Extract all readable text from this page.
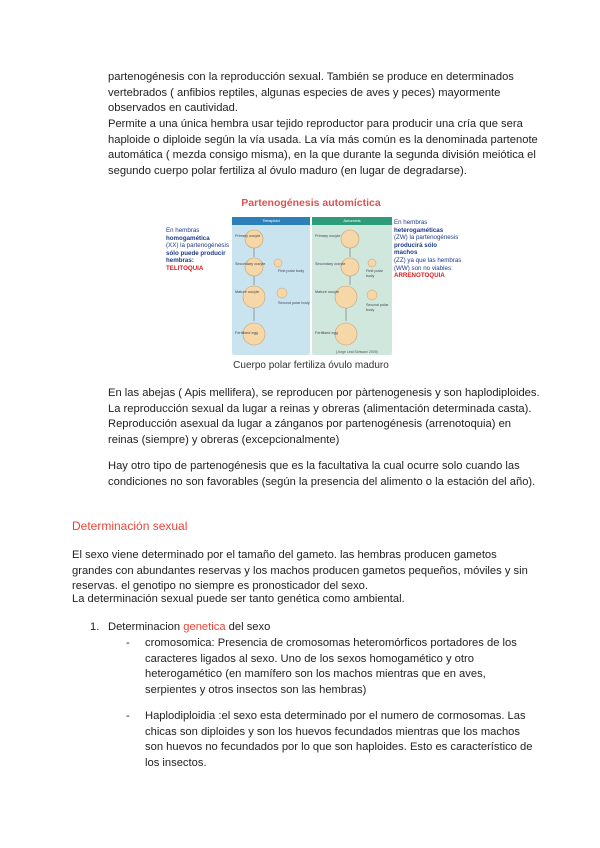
partenogénesis con la reproducción sexual. También se produce en determinados vertebrados ( anfibios reptiles, algunas especies de aves y peces) mayormente observados en cautividad.

Permite a una única hembra usar tejido reproductor para producir una cría que sera haploide o diploide según la vía usada. La vía más común es la denominada partenote automática ( mezda consigo misma), en la que durante la segunda división meiótica el segundo cuerpo polar fertiliza al óvulo maduro (en lugar de degradarse).

Partenogénesis automíctica
En hembras
homogamética
(XX) la partenogénesis
sólo puede producir hembras:
TELITOQUIA
Tetraploid
Primary oocyte
Secondary oocyte
First polar body
Mature oocyte
Second polar body
Fertilised egg
Automixis
Primary oocyte
Secondary oocyte
First polar body
Mature oocyte
Second polar body
Fertilised egg
(Jorge Leal Schwarz 2009)
En hembras
heterogaméticas
(ZW) la partenogénesis
producirá sólo machos
(ZZ) ya que las hembras (WW) son no viables:
ARRENOTOQUIA
Cuerpo polar fertiliza óvulo maduro

En las abejas ( Apis mellifera), se reproducen por pàrtenogenesis y son haplodiploides. La reproducción sexual da lugar a reinas y obreras (alimentación determinada casta). Reproducción asexual da lugar a zánganos por partenogénesis (arrenotoquia) en reinas (siempre) y obreras (excepcionalmente)

Hay otro tipo de partenogénesis que es la facultativa la cual ocurre solo cuando las condiciones no son favorables (según la presencia del alimento o la estación del año).

Determinación sexual

El sexo viene determinado por el tamaño del gameto. las hembras producen gametos grandes con abundantes reservas y los machos producen gametos pequeños, móviles y sin reservas. el genotipo no siempre es pronosticador del sexo.

La determinación sexual puede ser tanto genética como ambiental.

1. Determinacion genetica del sexo
- cromosomica: Presencia de cromosomas heteromórficos portadores de los caracteres ligados al sexo. Uno de los sexos homogamético y otro heterogamético (en mamífero son los machos mientras que en aves, serpientes y otros insectos son las hembras)

- Haplodiploidia :el sexo esta determinado por el numero de cormosomas. Las chicas son diploides y son los huevos fecundados mientras que los machos son huevos no fecundados por lo que son haploides. Esto es característico de los insectos.
